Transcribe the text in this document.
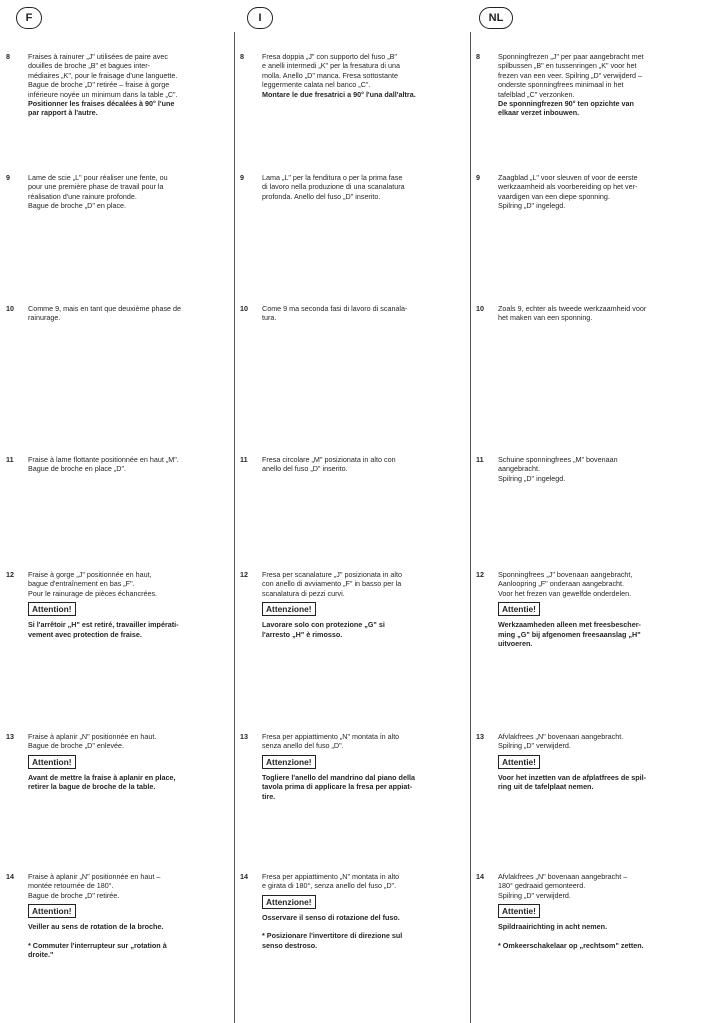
F
8	Fraises à rainurer „J" utilisées de paire avec
douilles de broche „B" et bagues inter-
médiaires „K", pour le fraisage d'une languette.
Bague de broche „D" retirée – fraise à gorge
inférieure noyée un minimum dans la table „C".
Positionner les fraises décalées à 90° l'une
par rapport à l'autre.
9	Lame de scie „L" pour réaliser une fente, ou
pour une première phase de travail pour la
réalisation d'une rainure profonde.
Bague de broche „D" en place.
10	Comme 9, mais en tant que deuxième phase de
rainurage.
11	Fraise à lame flottante positionnée en haut „M".
Bague de broche en place „D".
12	Fraise à gorge „J" positionnée en haut,
bague d'entraînement en bas „F".
Pour le rainurage de pièces échancrées.
Attention!
Si l'arrêtoir „H" est retiré, travailler impérati-
vement avec protection de fraise.
13	Fraise à aplanir „N" positionnée en haut.
Bague de broche „D" enlevée.
Attention!
Avant de mettre la fraise à aplanir en place,
retirer la bague de broche de la table.
14	Fraise à aplanir „N" positionnée en haut –
montée retournée de 180°.
Bague de broche „D" retirée.
Attention!
Veiller au sens de rotation de la broche.
* Commuter l'interrupteur sur „rotation à
droite."
I
8	Fresa doppia „J" con supporto del fuso „B"
e anelli intermedi „K" per la fresatura di una
molla. Anello „D" manca. Fresa sottostante
leggermente calata nel banco „C".
Montare le due fresatrici a 90° l'una dall'altra.
9	Lama „L" per la fenditura o per la prima fase
di lavoro nella produzione di una scanalatura
profonda. Anello del fuso „D" inserito.
10	Come 9 ma seconda fasi di lavoro di scanala-
tura.
11	Fresa circolare „M" posizionata in alto con
anello del fuso „D" inserito.
12	Fresa per scanalature „J" posizionata in alto
con anello di avviamento „F" in basso per la
scanalatura di pezzi curvi.
Attenzione!
Lavorare solo con protezione „G" si
l'arresto „H" è rimosso.
13	Fresa per appiattimento „N" montata in alto
senza anello del fuso „D".
Attenzione!
Togliere l'anello del mandrino dal piano della
tavola prima di applicare la fresa per appiat-
tire.
14	Fresa per appiattimento „N" montata in alto
e girata di 180°, senza anello del fuso „D".
Attenzione!
Osservare il senso di rotazione del fuso.
* Posizionare l'invertitore di direzione sul
senso destroso.
NL
8	Sponningfrezen „J" per paar aangebracht met
spilbussen „B" en tussenringen „K" voor het
frezen van een veer. Spilring „D" verwijderd –
onderste sponningfrees minimaal in het
tafelblad „C" verzonken.
De sponningfrezen 90° ten opzichte van
elkaar verzet inbouwen.
9	Zaagblad „L" voor sleuven of voor de eerste
werkzaamheid als voorbereiding op het ver-
vaardigen van een diepe sponning.
Spilring „D" ingelegd.
10	Zoals 9, echter als tweede werkzaamheid voor
het maken van een sponning.
11	Schuine sponningfrees „M" bovenaan
aangebracht.
Spilring „D" ingelegd.
12	Sponningfrees „J" bovenaan aangebracht,
Aanloopring „F" onderaan aangebracht.
Voor het frezen van gewelfde onderdelen.
Attentie!
Werkzaamheden alleen met freesbescher-
ming „G" bij afgenomen freesaanslag „H"
uitvoeren.
13	Afvlakfrees „N" bovenaan aangebracht.
Spilring „D" verwijderd.
Attentie!
Voor het inzetten van de afplatfrees de spil-
ring uit de tafelplaat nemen.
14	Afvlakfrees „N" bovenaan aangebracht –
180° gedraaid gemonteerd.
Spilring „D" verwijderd.
Attentie!
Spildraairichting in acht nemen.
* Omkeerschakelaar op „rechtsom" zetten.
